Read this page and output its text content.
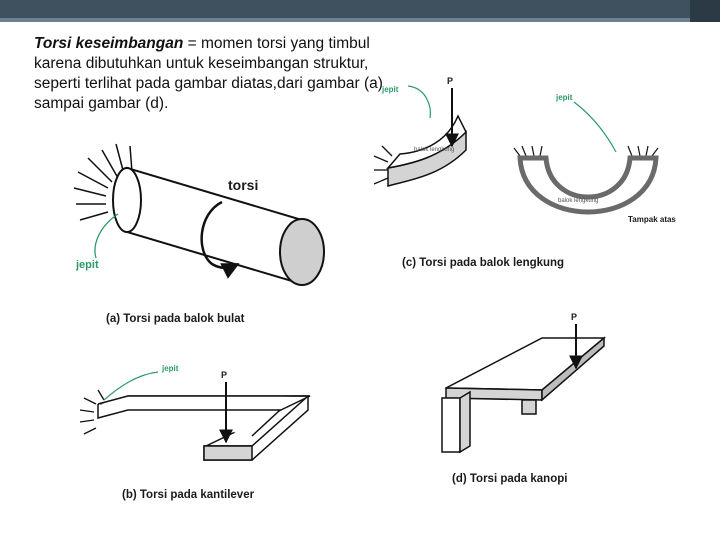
Torsi keseimbangan = momen torsi yang timbul karena dibutuhkan untuk keseimbangan struktur, seperti terlihat pada gambar diatas,dari gambar (a) sampai gambar (d).
torsi
jepit
(a) Torsi pada balok bulat
P
jepit
(b) Torsi pada kantilever
P
jepit
balok lengkung
jepit
balok lengkung
Tampak atas
(c) Torsi pada balok lengkung
P
(d) Torsi pada kanopi
